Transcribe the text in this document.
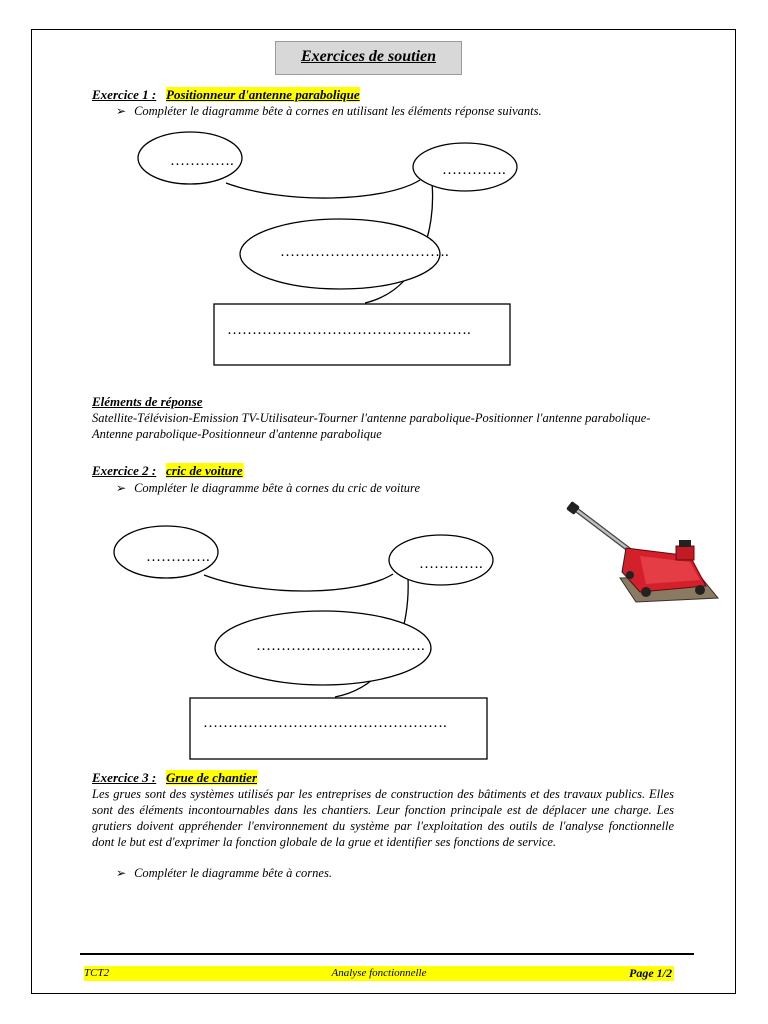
Exercices de soutien
Exercice 1 : Positionneur d'antenne parabolique
➢ Compléter le diagramme bête à cornes en utilisant les éléments réponse suivants.
………….
………….
…………………………….
………………………………………….
………….	………….
…………………………….
………………………………………….
Eléments de réponse
Satellite-Télévision-Emission TV-Utilisateur-Tourner l'antenne parabolique-Positionner l'antenne parabolique-Antenne parabolique-Positionneur d'antenne parabolique
Exercice 2 : cric de voiture
➢ Compléter le diagramme bête à cornes du cric de voiture
Exercice 3 : Grue de chantier
Les grues sont des systèmes utilisés par les entreprises de construction des bâtiments et des travaux publics. Elles sont des éléments incontournables dans les chantiers. Leur fonction principale est de déplacer une charge. Les grutiers doivent appréhender l'environnement du système par l'exploitation des outils de l'analyse fonctionnelle dont le but est d'exprimer la fonction globale de la grue et identifier ses fonctions de service.
➢ Compléter le diagramme bête à cornes.
TCT2	Analyse fonctionnelle	Page 1/2
